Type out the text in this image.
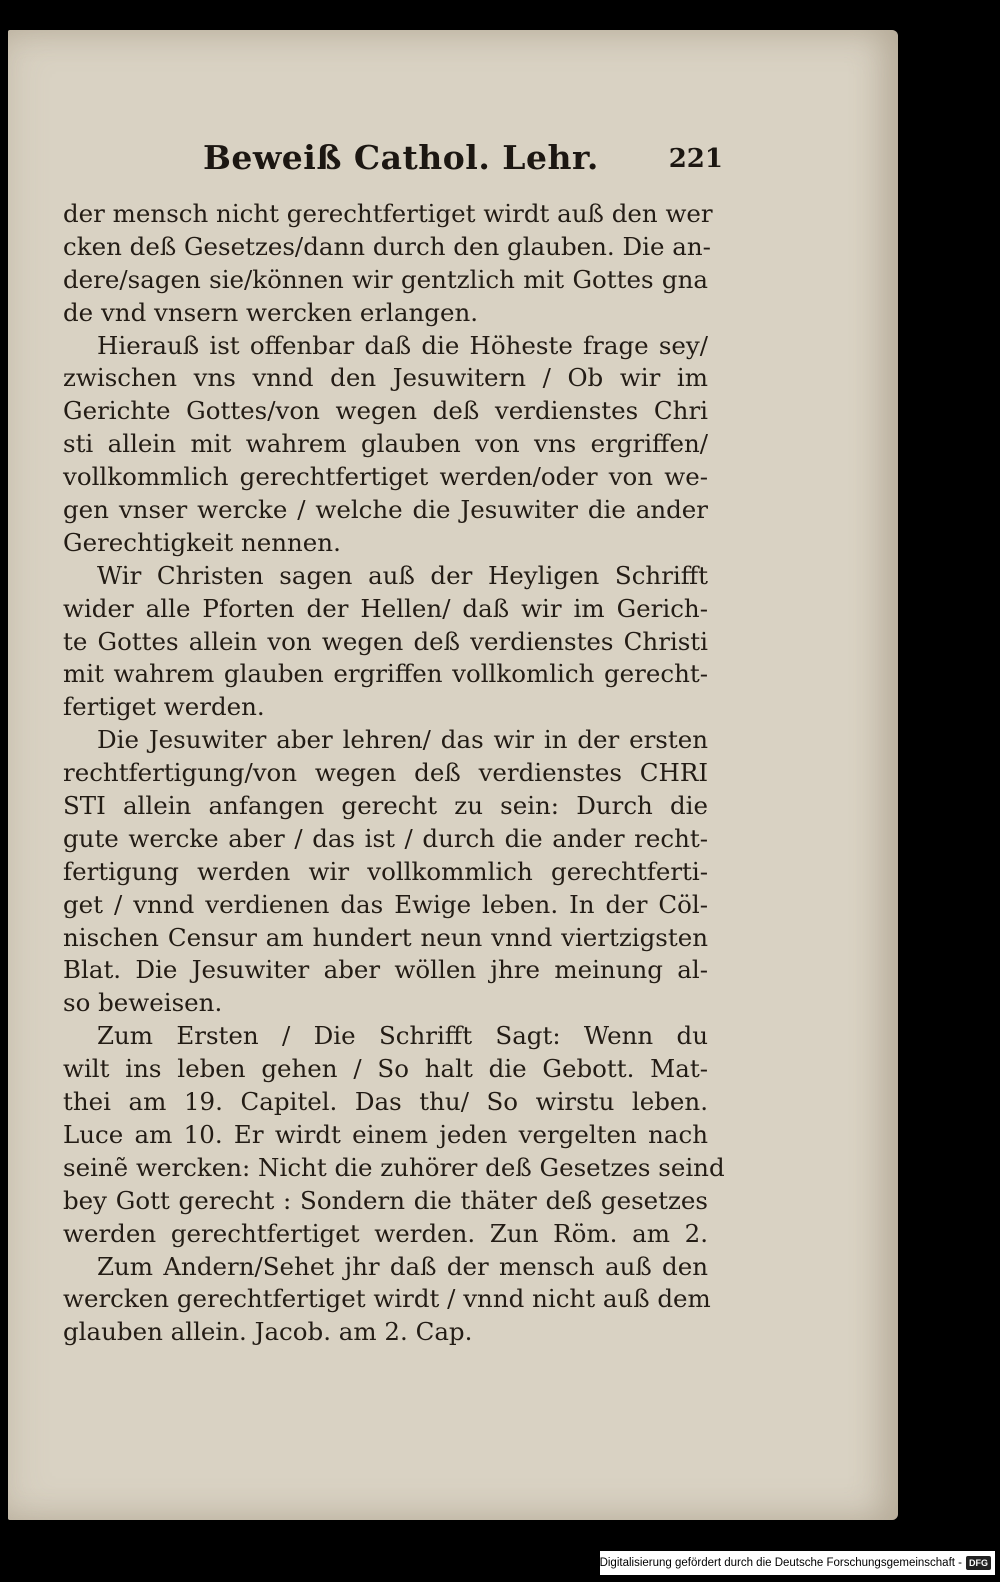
Beweiß Cathol. Lehr.	221
der mensch nicht gerechtfertiget wirdt auß den wer
cken deß Gesetzes/dann durch den glauben. Die an-
dere/sagen sie/können wir gentzlich mit Gottes gna
de vnd vnsern wercken erlangen.
Hierauß ist offenbar daß die Höheste frage sey/
zwischen vns vnnd den Jesuwitern / Ob wir im
Gerichte Gottes/von wegen deß verdienstes Chri
sti allein mit wahrem glauben von vns ergriffen/
vollkommlich gerechtfertiget werden/oder von we-
gen vnser wercke / welche die Jesuwiter die ander
Gerechtigkeit nennen.
Wir Christen sagen auß der Heyligen Schrifft
wider alle Pforten der Hellen/ daß wir im Gerich-
te Gottes allein von wegen deß verdienstes Christi
mit wahrem glauben ergriffen vollkomlich gerecht-
fertiget werden.
Die Jesuwiter aber lehren/ das wir in der ersten
rechtfertigung/von wegen deß verdienstes CHRI
STI allein anfangen gerecht zu sein: Durch die
gute wercke aber / das ist / durch die ander recht-
fertigung werden wir vollkommlich gerechtferti-
get / vnnd verdienen das Ewige leben. In der Cöl-
nischen Censur am hundert neun vnnd viertzigsten
Blat. Die Jesuwiter aber wöllen jhre meinung al-
so beweisen.
Zum Ersten / Die Schrifft Sagt: Wenn du
wilt ins leben gehen / So halt die Gebott. Mat-
thei am 19. Capitel. Das thu/ So wirstu leben.
Luce am 10. Er wirdt einem jeden vergelten nach
seinẽ wercken: Nicht die zuhörer deß Gesetzes seind
bey Gott gerecht : Sondern die thäter deß gesetzes
werden gerechtfertiget werden. Zun Röm. am 2.
Zum Andern/Sehet jhr daß der mensch auß den
wercken gerechtfertiget wirdt / vnnd nicht auß dem
glauben allein. Jacob. am 2. Cap.
Digitalisierung gefördert durch die Deutsche Forschungsgemeinschaft - DFG
